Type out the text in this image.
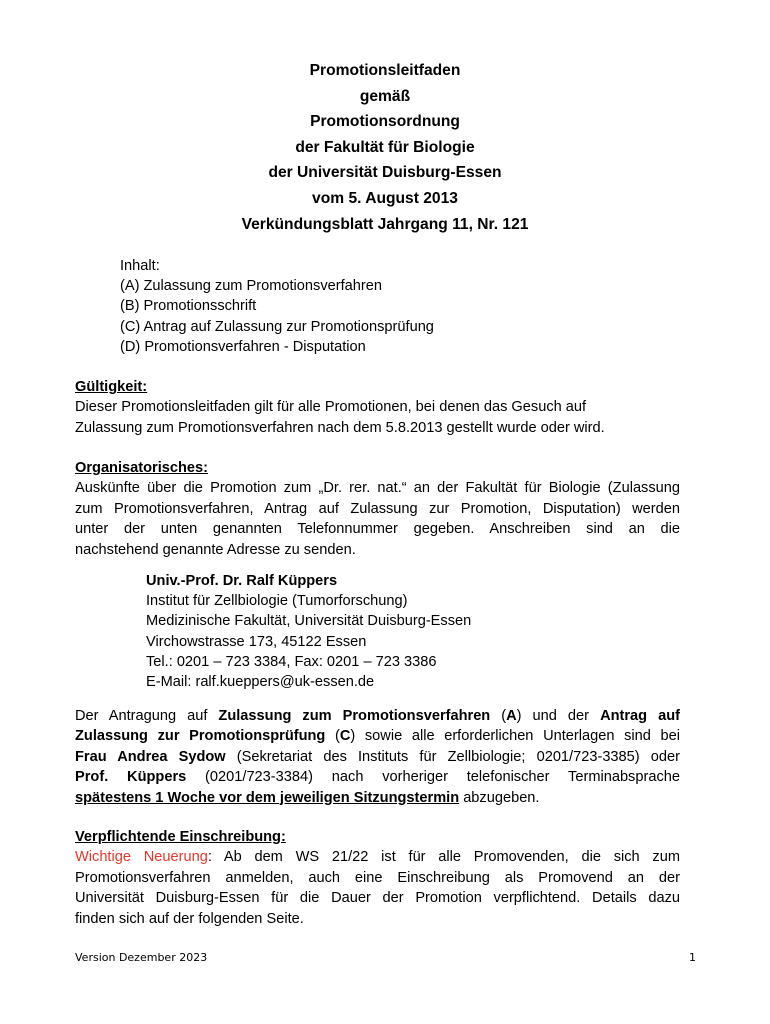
Promotionsleitfaden
gemäß
Promotionsordnung
der Fakultät für Biologie
der Universität Duisburg-Essen
vom 5. August 2013
Verkündungsblatt Jahrgang 11, Nr. 121
Inhalt:
(A) Zulassung zum Promotionsverfahren
(B) Promotionsschrift
(C) Antrag auf Zulassung zur Promotionsprüfung
(D) Promotionsverfahren - Disputation
Gültigkeit:
Dieser Promotionsleitfaden gilt für alle Promotionen, bei denen das Gesuch auf
Zulassung zum Promotionsverfahren nach dem 5.8.2013 gestellt wurde oder wird.
Organisatorisches:
Auskünfte über die Promotion zum „Dr. rer. nat.“ an der Fakultät für Biologie (Zulassung
zum Promotionsverfahren, Antrag auf Zulassung zur Promotion, Disputation) werden
unter der unten genannten Telefonnummer gegeben. Anschreiben sind an die
nachstehend genannte Adresse zu senden.
Univ.-Prof. Dr. Ralf Küppers
Institut für Zellbiologie (Tumorforschung)
Medizinische Fakultät, Universität Duisburg-Essen
Virchowstrasse 173, 45122 Essen
Tel.: 0201 – 723 3384, Fax: 0201 – 723 3386
E-Mail: ralf.kueppers@uk-essen.de
Der Antragung auf Zulassung zum Promotionsverfahren (A) und der Antrag auf
Zulassung zur Promotionsprüfung (C) sowie alle erforderlichen Unterlagen sind bei
Frau Andrea Sydow (Sekretariat des Instituts für Zellbiologie; 0201/723-3385) oder
Prof. Küppers (0201/723-3384) nach vorheriger telefonischer Terminabsprache
spätestens 1 Woche vor dem jeweiligen Sitzungstermin abzugeben.
Verpflichtende Einschreibung:
Wichtige Neuerung: Ab dem WS 21/22 ist für alle Promovenden, die sich zum
Promotionsverfahren anmelden, auch eine Einschreibung als Promovend an der
Universität Duisburg-Essen für die Dauer der Promotion verpflichtend. Details dazu
finden sich auf der folgenden Seite.
Version Dezember 2023	1
